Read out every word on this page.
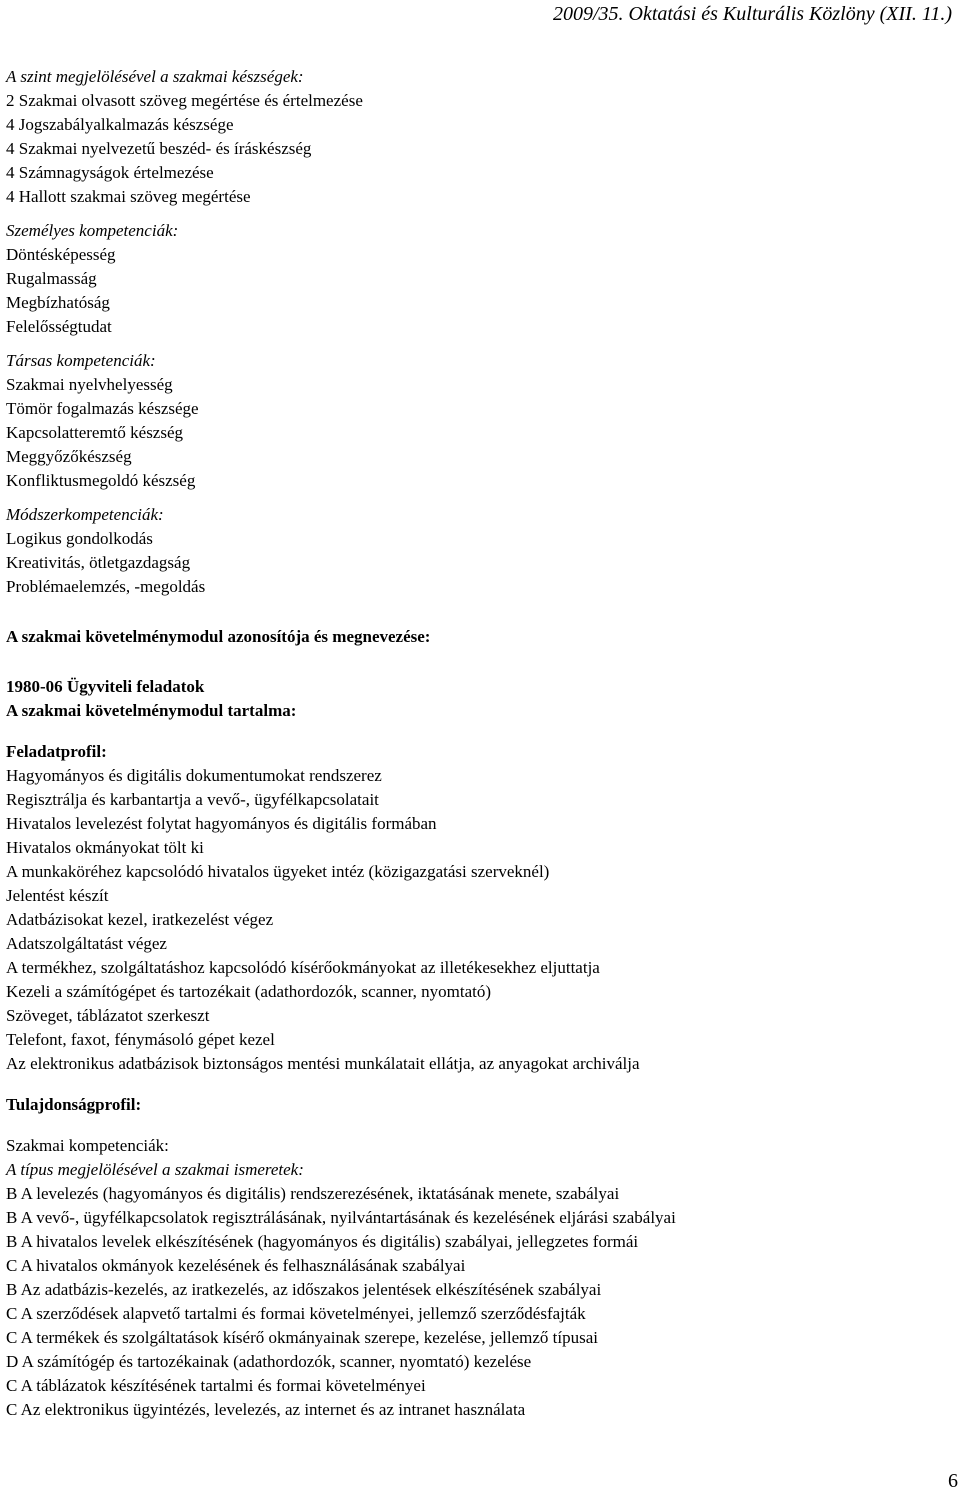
2009/35. Oktatási és Kulturális Közlöny (XII. 11.)
A szint megjelölésével a szakmai készségek:
2 Szakmai olvasott szöveg megértése és értelmezése
4 Jogszabályalkalmazás készsége
4 Szakmai nyelvezetű beszéd- és íráskészség
4 Számnagyságok értelmezése
4 Hallott szakmai szöveg megértése
Személyes kompetenciák:
Döntésképesség
Rugalmasság
Megbízhatóság
Felelősségtudat
Társas kompetenciák:
Szakmai nyelvhelyesség
Tömör fogalmazás készsége
Kapcsolatteremtő készség
Meggyőzőkészség
Konfliktusmegoldó készség
Módszerkompetenciák:
Logikus gondolkodás
Kreativitás, ötletgazdagság
Problémaelemzés, -megoldás
A szakmai követelménymodul azonosítója és megnevezése:
1980-06 Ügyviteli feladatok
A szakmai követelménymodul tartalma:
Feladatprofil:
Hagyományos és digitális dokumentumokat rendszerez
Regisztrálja és karbantartja a vevő-, ügyfélkapcsolatait
Hivatalos levelezést folytat hagyományos és digitális formában
Hivatalos okmányokat tölt ki
A munkaköréhez kapcsolódó hivatalos ügyeket intéz (közigazgatási szerveknél)
Jelentést készít
Adatbázisokat kezel, iratkezelést végez
Adatszolgáltatást végez
A termékhez, szolgáltatáshoz kapcsolódó kísérőokmányokat az illetékesekhez eljuttatja
Kezeli a számítógépet és tartozékait (adathordozók, scanner, nyomtató)
Szöveget, táblázatot szerkeszt
Telefont, faxot, fénymásoló gépet kezel
Az elektronikus adatbázisok biztonságos mentési munkálatait ellátja, az anyagokat archiválja
Tulajdonságprofil:
Szakmai kompetenciák:
A típus megjelölésével a szakmai ismeretek:
B A levelezés (hagyományos és digitális) rendszerezésének, iktatásának menete, szabályai
B A vevő-, ügyfélkapcsolatok regisztrálásának, nyilvántartásának és kezelésének eljárási szabályai
B A hivatalos levelek elkészítésének (hagyományos és digitális) szabályai, jellegzetes formái
C A hivatalos okmányok kezelésének és felhasználásának szabályai
B Az adatbázis-kezelés, az iratkezelés, az időszakos jelentések elkészítésének szabályai
C A szerződések alapvető tartalmi és formai követelményei, jellemző szerződésfajták
C A termékek és szolgáltatások kísérő okmányainak szerepe, kezelése, jellemző típusai
D A számítógép és tartozékainak (adathordozók, scanner, nyomtató) kezelése
C A táblázatok készítésének tartalmi és formai követelményei
C Az elektronikus ügyintézés, levelezés, az internet és az intranet használata
6
